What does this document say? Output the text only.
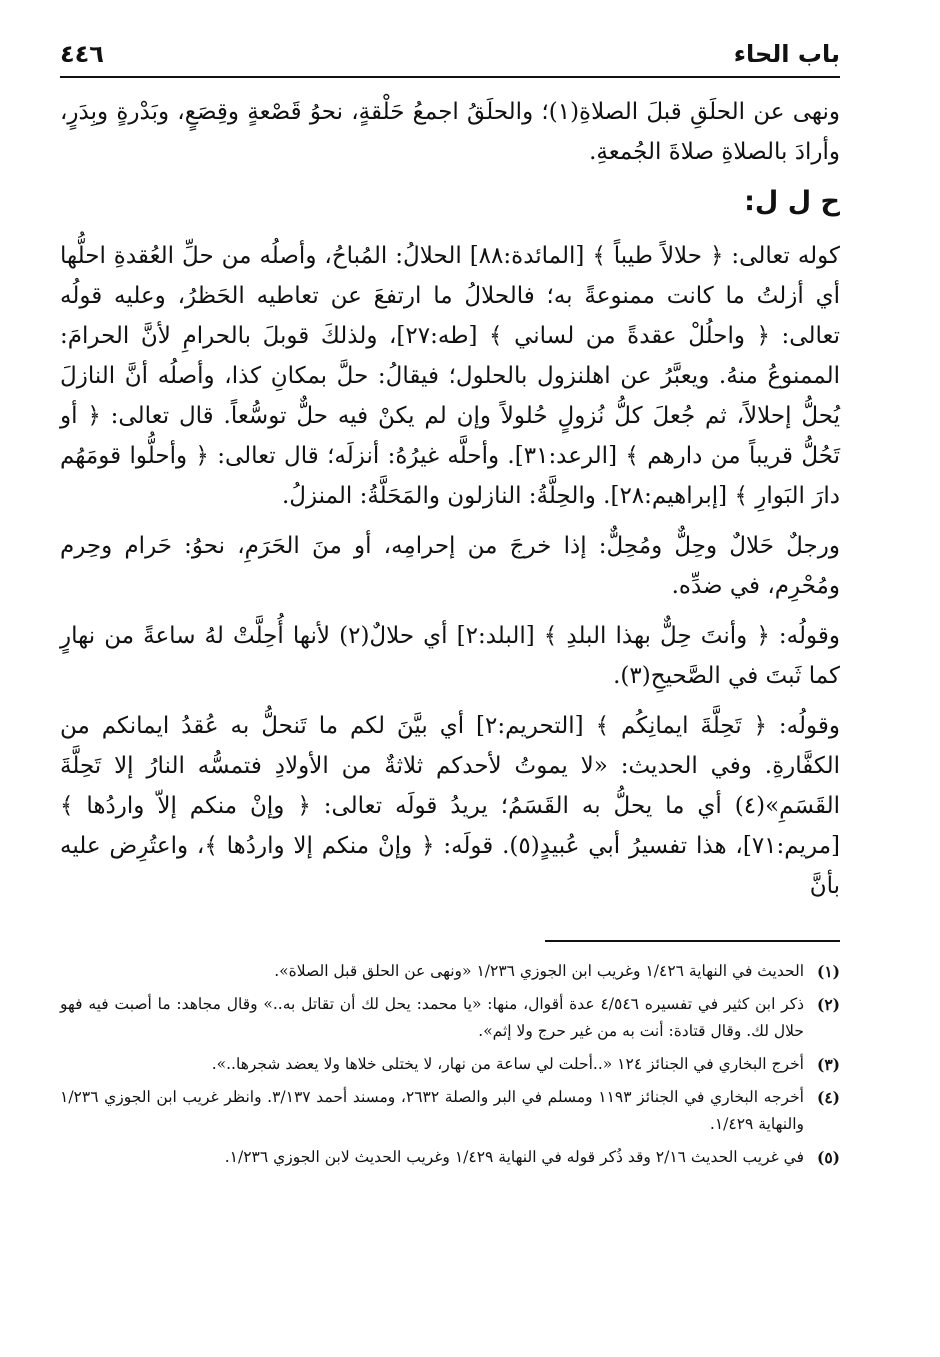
باب الحاء
٤٤٦

ونهى عن الحلَقِ قبلَ الصلاةِ(١)؛ والحلَقُ اجمعُ حَلْقةٍ، نحوُ قَصْعةٍ وقِصَعٍ، وبَدْرةٍ وبِدَرٍ، وأرادَ بالصلاةِ صلاةَ الجُمعةِ.

ح ل ل:

كوله تعالى: ﴿ حلالاً طيباً ﴾ [المائدة:٨٨] الحلالُ: المُباحُ، وأصلُه من حلِّ العُقدةِ احلُّها أي أزلتُ ما كانت ممنوعةً به؛ فالحلالُ ما ارتفعَ عن تعاطيه الحَظرُ، وعليه قولُه تعالى: ﴿ واحلُلْ عقدةً من لساني ﴾ [طه:٢٧]، ولذلكَ قوبلَ بالحرامِ لأنَّ الحرامَ: الممنوعُ منهُ. ويعبَّرُ عن اهلنزول بالحلول؛ فيقالُ: حلَّ بمكانِ كذا، وأصلُه أنَّ النازلَ يُحلُّ إحلالاً، ثم جُعلَ كلُّ نُزولٍ حُلولاً وإن لم يكنْ فيه حلٌّ توسُّعاً. قال تعالى: ﴿ أو تَحُلُّ قريباً من دارهم ﴾ [الرعد:٣١]. وأحلَّه غيرُهُ: أنزلَه؛ قال تعالى: ﴿ وأحلُّوا قومَهُم دارَ البَوارِ ﴾ [إبراهيم:٢٨]. والحِلَّةُ: النازلون والمَحَلَّةُ: المنزلُ.

ورجلٌ حَلالٌ وحِلٌّ ومُحِلٌّ: إذا خرجَ من إحرامِه، أو منَ الحَرَمِ، نحوُ: حَرام وحِرم ومُحْرِم، في ضدِّه.

وقولُه: ﴿ وأنتَ حِلٌّ بهذا البلدِ ﴾ [البلد:٢] أي حلالٌ(٢) لأنها أُحِلَّتْ لهُ ساعةً من نهارٍ كما ثَبتَ في الصَّحيحِ(٣).

وقولُه: ﴿ تَحِلَّةَ ايمانِكُم ﴾ [التحريم:٢] أي بيَّنَ لكم ما تَنحلُّ به عُقدُ ايمانكم من الكفَّارةِ. وفي الحديث: «لا يموتُ لأحدكم ثلاثةٌ من الأولادِ فتمسُّه النارُ إلا تَحِلَّةَ القَسَمِ»(٤) أي ما يحلُّ به القَسَمُ؛ يريدُ قولَه تعالى: ﴿ وإنْ منكم إلاّ واردُها ﴾ [مريم:٧١]، هذا تفسيرُ أبي عُبيدٍ(٥). قولَه: ﴿ وإنْ منكم إلا واردُها ﴾، واعتُرِض عليه بأنَّ

(١)
الحديث في النهاية ١/٤٢٦ وغريب ابن الجوزي ١/٢٣٦ «ونهى عن الحلق قبل الصلاة».
(٢)
ذكر ابن كثير في تفسيره ٤/٥٤٦ عدة أقوال، منها: «يا محمد: يحل لك أن تقاتل به..» وقال مجاهد: ما أصبت فيه فهو حلال لك. وقال قتادة: أنت به من غير حرج ولا إثم».
(٣)
أخرج البخاري في الجنائز ١٢٤ «..أحلت لي ساعة من نهار، لا يختلى خلاها ولا يعضد شجرها..».
(٤)
أخرجه البخاري في الجنائز ١١٩٣ ومسلم في البر والصلة ٢٦٣٢، ومسند أحمد ٣/١٣٧. وانظر غريب ابن الجوزي ١/٢٣٦ والنهاية ١/٤٢٩.
(٥)
في غريب الحديث ٢/١٦ وقد ذُكر قوله في النهاية ١/٤٢٩ وغريب الحديث لابن الجوزي ١/٢٣٦.
